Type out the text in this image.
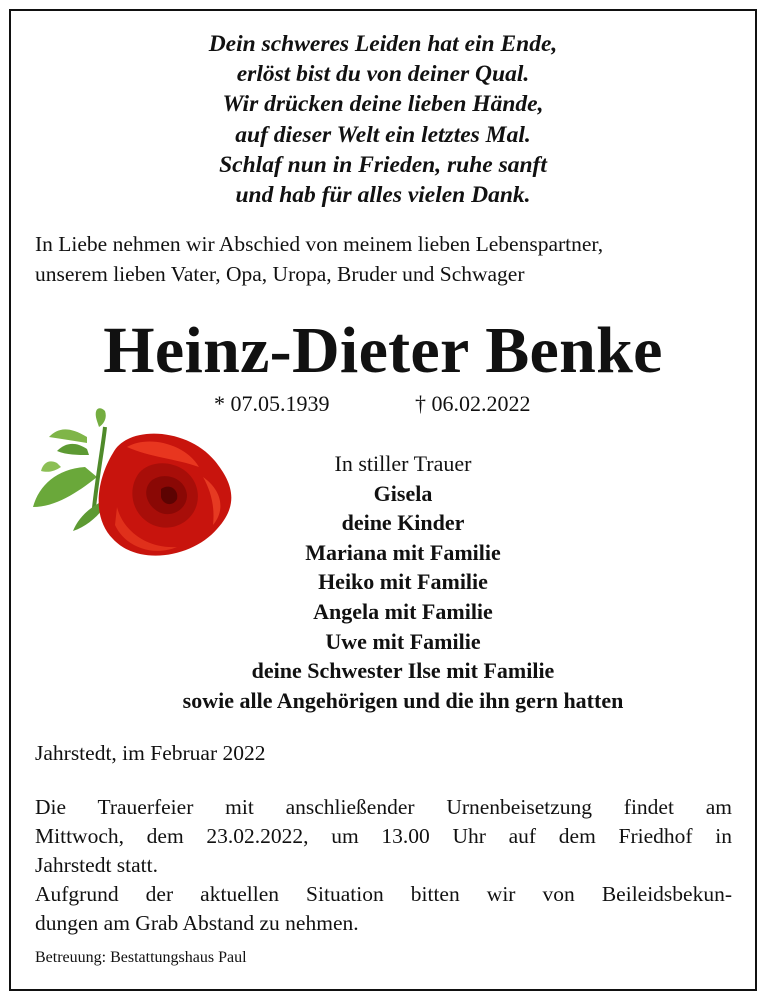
Dein schweres Leiden hat ein Ende,
erlöst bist du von deiner Qual.
Wir drücken deine lieben Hände,
auf dieser Welt ein letztes Mal.
Schlaf nun in Frieden, ruhe sanft
und hab für alles vielen Dank.
In Liebe nehmen wir Abschied von meinem lieben Lebenspartner,
unserem lieben Vater, Opa, Uropa, Bruder und Schwager
Heinz-Dieter Benke
* 07.05.1939	† 06.02.2022
In stiller Trauer
Gisela
deine Kinder
Mariana mit Familie
Heiko mit Familie
Angela mit Familie
Uwe mit Familie
deine Schwester Ilse mit Familie
sowie alle Angehörigen und die ihn gern hatten
Jahrstedt, im Februar 2022
Die Trauerfeier mit anschließender Urnenbeisetzung findet am
Mittwoch, dem 23.02.2022, um 13.00 Uhr auf dem Friedhof in
Jahrstedt statt.
Aufgrund der aktuellen Situation bitten wir von Beileidsbekun-
dungen am Grab Abstand zu nehmen.
Betreuung: Bestattungshaus Paul
